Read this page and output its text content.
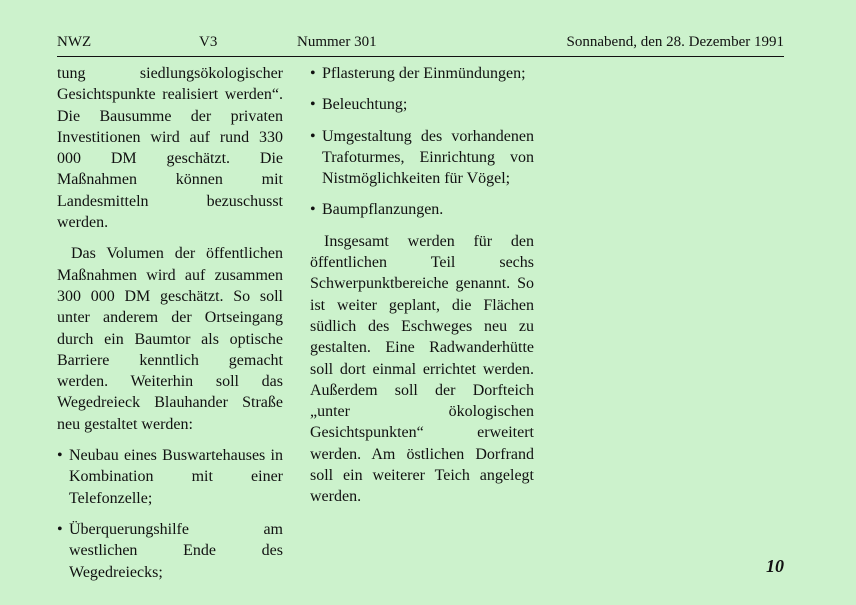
NWZ	V3	Nummer 301	Sonnabend, den 28. Dezember 1991

tung siedlungsökologischer Gesichtspunkte realisiert werden“. Die Bausumme der privaten Investitionen wird auf rund 330 000 DM geschätzt. Die Maßnahmen können mit Landesmitteln bezuschusst werden.

Das Volumen der öffentlichen Maßnahmen wird auf zusammen 300 000 DM geschätzt. So soll unter anderem der Ortseingang durch ein Baumtor als optische Barriere kenntlich gemacht werden. Weiterhin soll das Wegedreieck Blauhander Straße neu gestaltet werden:

• Neubau eines Buswartehauses in Kombination mit einer Telefonzelle;
• Überquerungshilfe am westlichen Ende des Wegedreiecks;
• Pflasterung der Einmündungen;
• Beleuchtung;
• Umgestaltung des vorhandenen Trafoturmes, Einrichtung von Nistmöglichkeiten für Vögel;
• Baumpflanzungen.

Insgesamt werden für den öffentlichen Teil sechs Schwerpunktbereiche genannt. So ist weiter geplant, die Flächen südlich des Eschweges neu zu gestalten. Eine Radwanderhütte soll dort einmal errichtet werden. Außerdem soll der Dorfteich „unter ökologischen Gesichtspunkten“ erweitert werden. Am östlichen Dorfrand soll ein weiterer Teich angelegt werden.

10
